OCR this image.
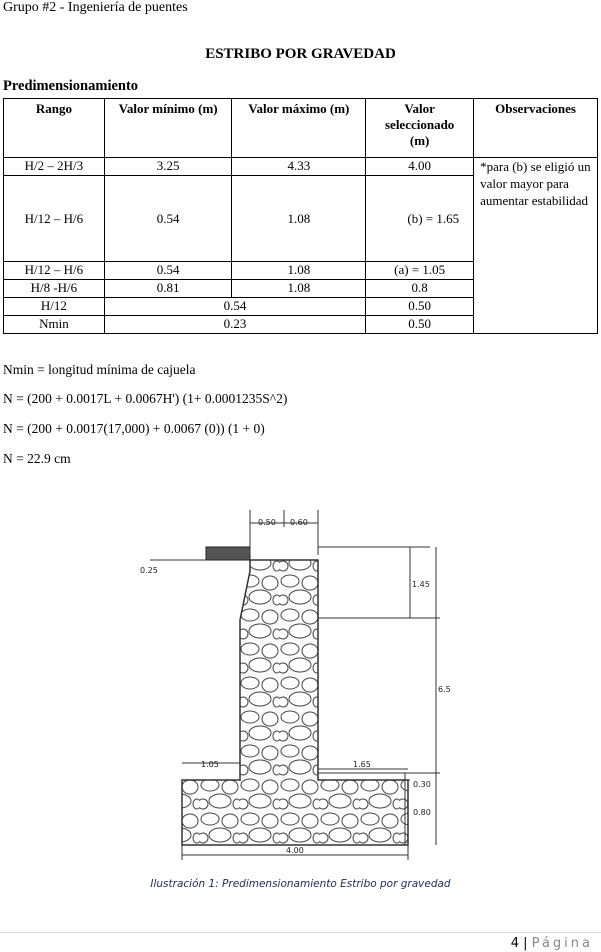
Grupo #2 - Ingeniería de puentes
ESTRIBO POR GRAVEDAD
Predimensionamiento
Rango	Valor mínimo (m)	Valor máximo (m)	Valor seleccionado (m)	Observaciones
H/2 – 2H/3	3.25	4.33	4.00	*para (b) se eligió un valor mayor para aumentar estabilidad
H/12 – H/6	0.54	1.08	(b) = 1.65	
H/12 – H/6	0.54	1.08	(a) = 1.05	
H/8 -H/6	0.81	1.08	0.8	
H/12	0.54		0.50	
Nmin	0.23		0.50	
Nmin = longitud mínima de cajuela
N = (200 + 0.0017L + 0.0067H') (1+ 0.0001235S^2)
N = (200 + 0.0017(17,000) + 0.0067 (0)) (1 + 0)
N = 22.9 cm
0.50 0.60
0.25
1.45
6.5
1.05	1.65
0.30
0.80
4.00
Ilustración 1: Predimensionamiento Estribo por gravedad
4 | Página
